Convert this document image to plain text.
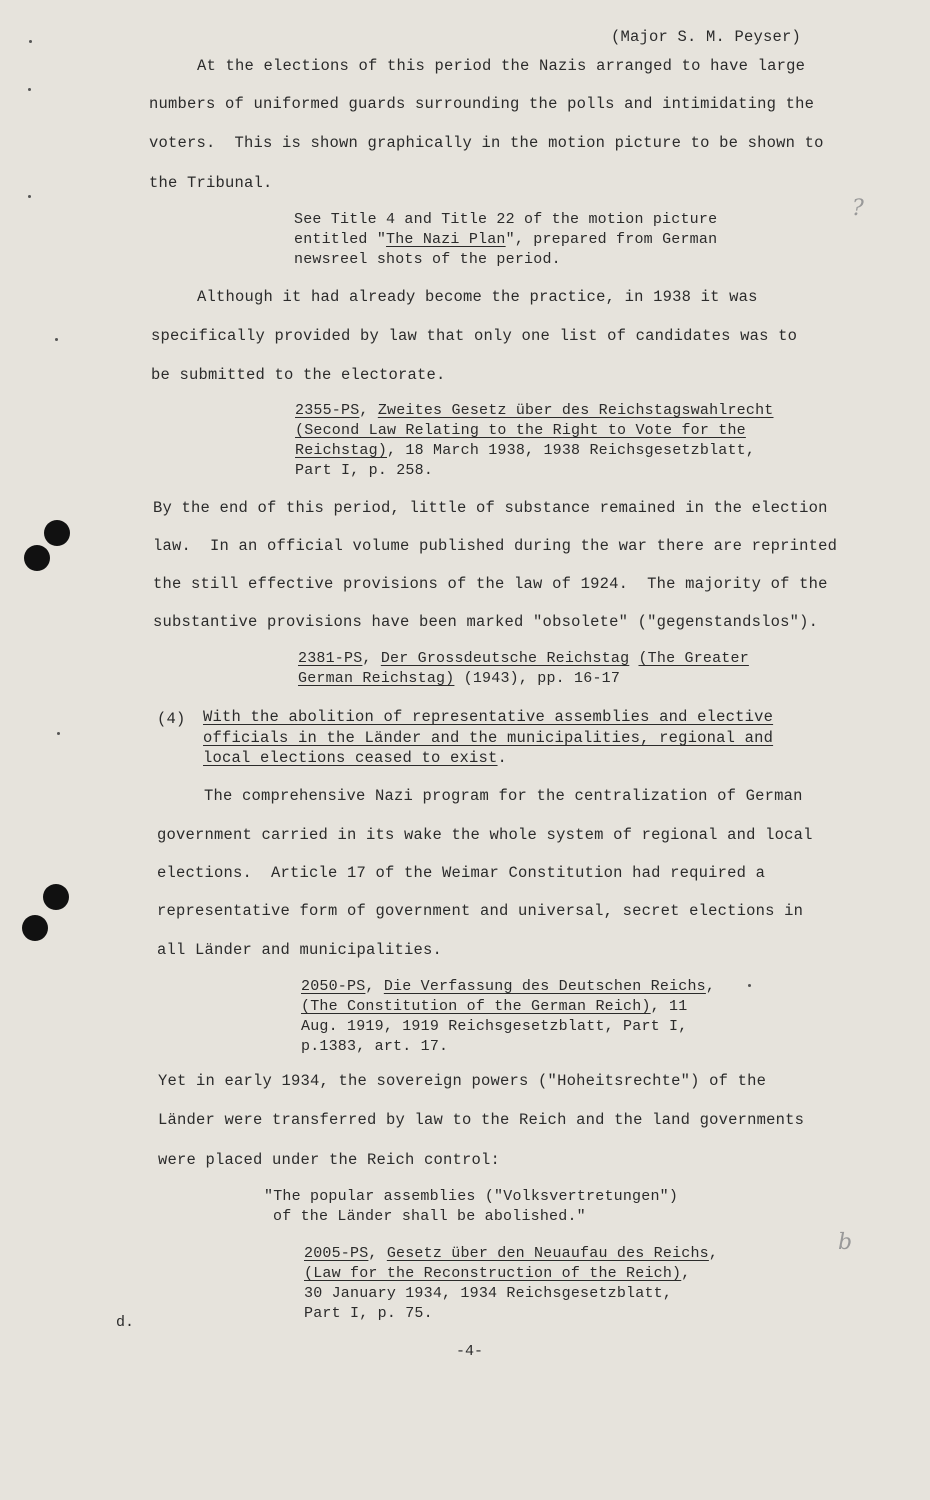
(Major S. M. Peyser)
At the elections of this period the Nazis arranged to have large
numbers of uniformed guards surrounding the polls and intimidating the
voters.  This is shown graphically in the motion picture to be shown to
the Tribunal.
See Title 4 and Title 22 of the motion picture
entitled "The Nazi Plan", prepared from German
newsreel shots of the period.
Although it had already become the practice, in 1938 it was
specifically provided by law that only one list of candidates was to
be submitted to the electorate.
2355-PS, Zweites Gesetz über des Reichstagswahlrecht
(Second Law Relating to the Right to Vote for the
Reichstag), 18 March 1938, 1938 Reichsgesetzblatt,
Part I, p. 258.
By the end of this period, little of substance remained in the election
law.  In an official volume published during the war there are reprinted
the still effective provisions of the law of 1924.  The majority of the
substantive provisions have been marked "obsolete" ("gegenstandslos").
2381-PS, Der Grossdeutsche Reichstag (The Greater
German Reichstag) (1943), pp. 16-17
(4) With the abolition of representative assemblies and elective
officials in the Länder and the municipalities, regional and
local elections ceased to exist.
The comprehensive Nazi program for the centralization of German
government carried in its wake the whole system of regional and local
elections.  Article 17 of the Weimar Constitution had required a
representative form of government and universal, secret elections in
all Länder and municipalities.
2050-PS, Die Verfassung des Deutschen Reichs,
(The Constitution of the German Reich), 11
Aug. 1919, 1919 Reichsgesetzblatt, Part I,
p.1383, art. 17.
Yet in early 1934, the sovereign powers ("Hoheitsrechte") of the
Länder were transferred by law to the Reich and the land governments
were placed under the Reich control:
"The popular assemblies ("Volksvertretungen")
of the Länder shall be abolished."
2005-PS, Gesetz über den Neuaufau des Reichs,
(Law for the Reconstruction of the Reich),
30 January 1934, 1934 Reichsgesetzblatt,
Part I, p. 75.
d.
-4-
?
b
